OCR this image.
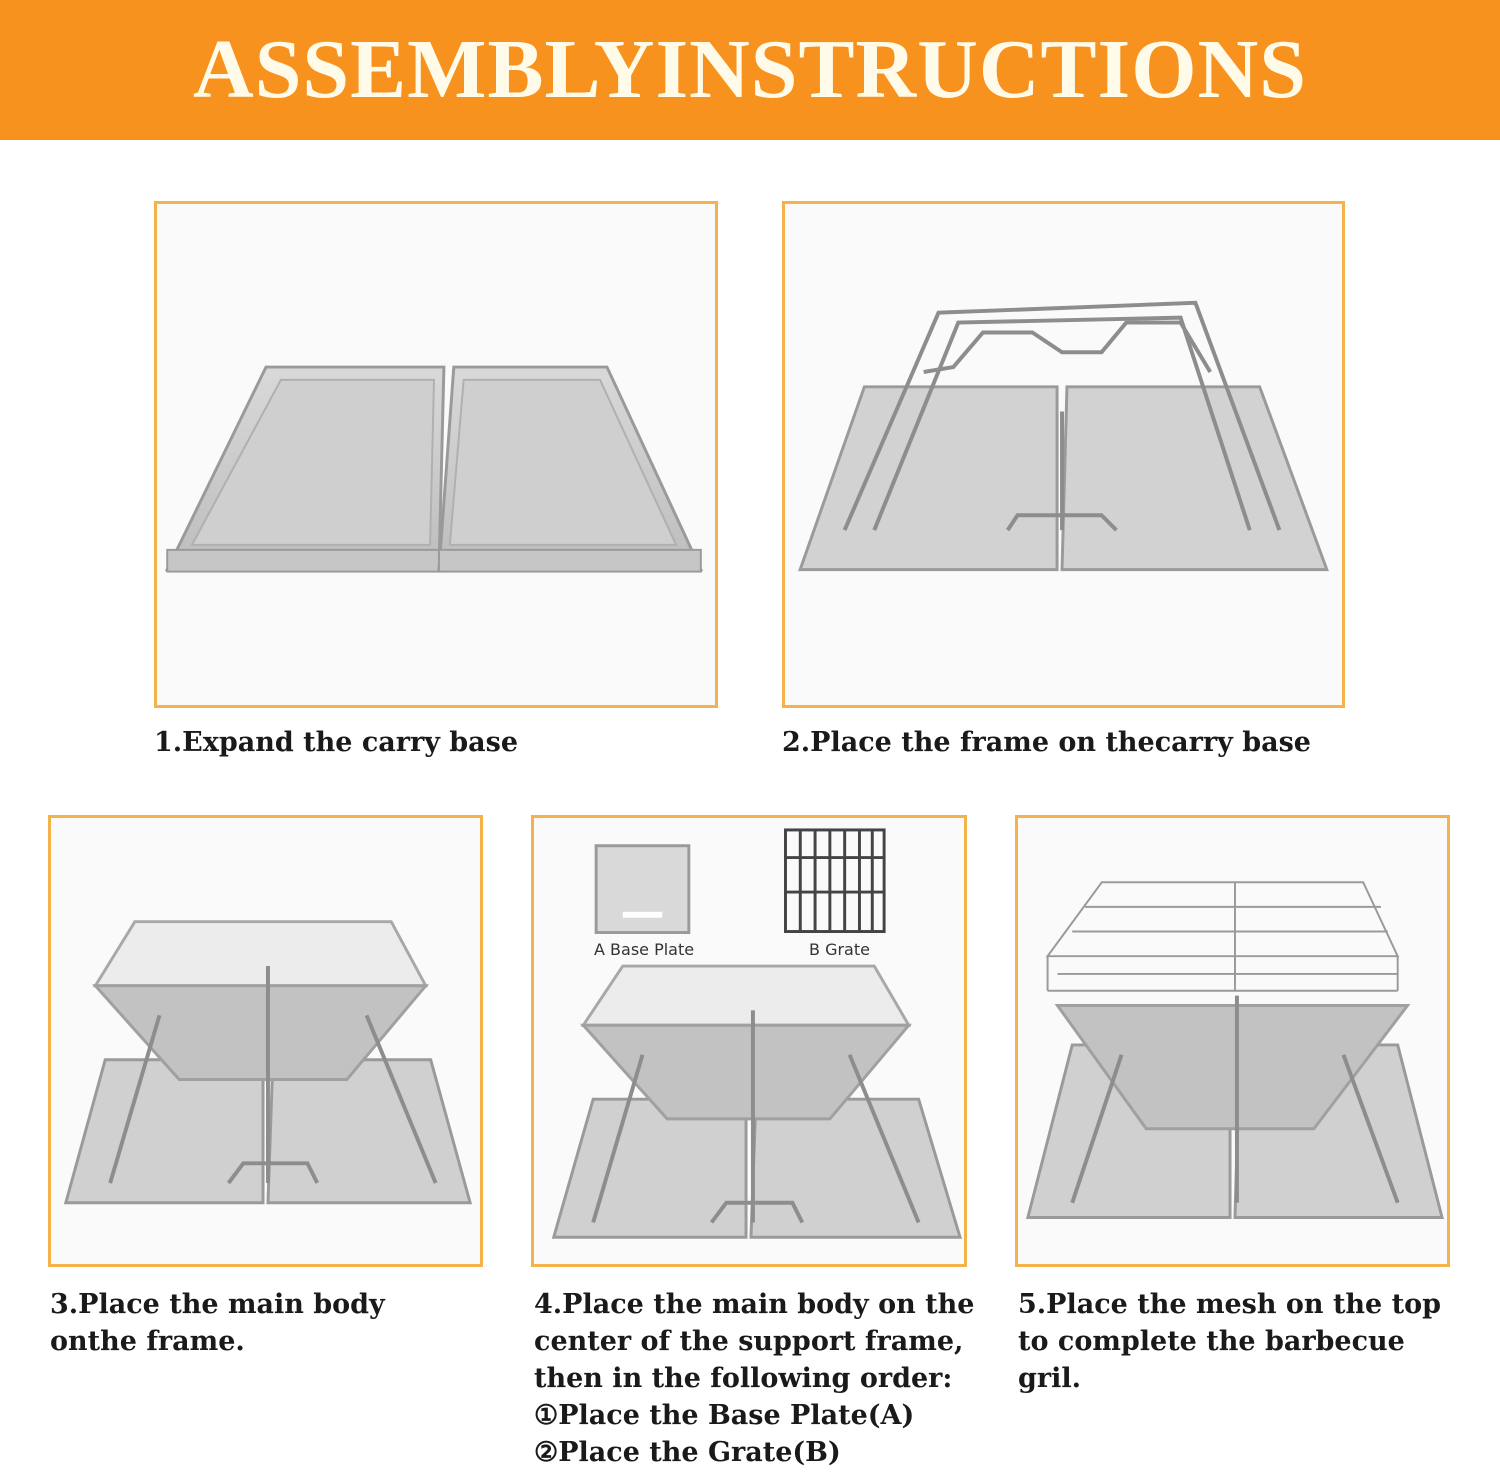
ASSEMBLYINSTRUCTIONS
1.Expand the carry base	2.Place the frame on thecarry base
A Base Plate	B Grate
3.Place the main body
onthe frame.
4.Place the main body on the
center of the support frame,
then in the following order:
①Place the Base Plate(A)
②Place the Grate(B)
5.Place the mesh on the top
to complete the barbecue
gril.
